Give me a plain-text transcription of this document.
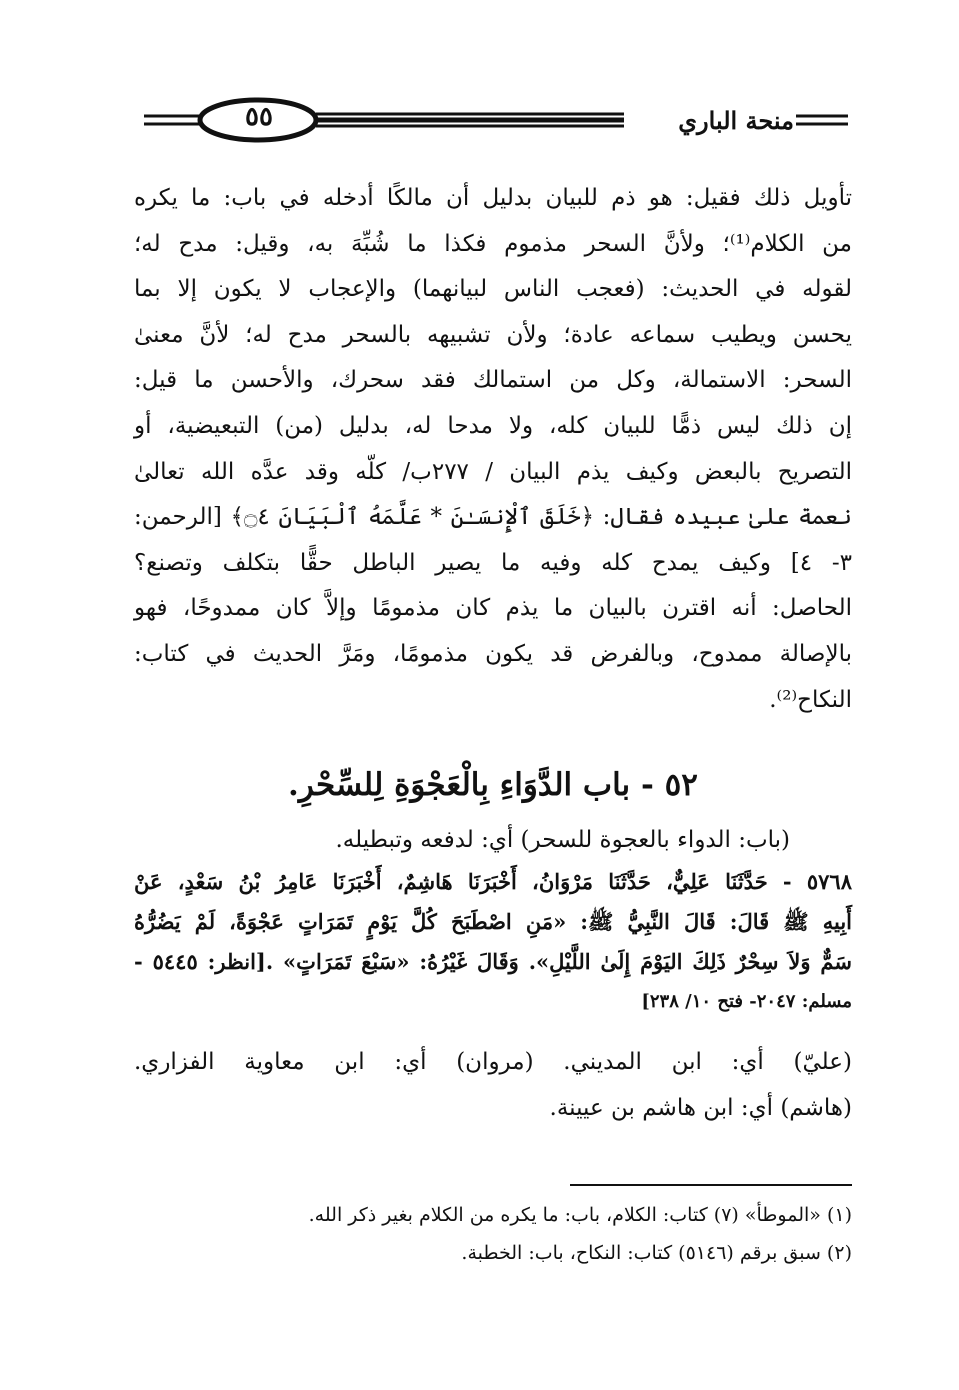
٥٥	منحة الباري
تأويل ذلك فقيل: هو ذم للبيان بدليل أن مالكًا أدخله في باب: ما يكره
من الكلام⁽¹⁾؛ ولأنَّ السحر مذموم فكذا ما شُبِّهَ به، وقيل: مدح له؛
لقوله في الحديث: (فعجب الناس لبيانهما) والإعجاب لا يكون إلا بما
يحسن ويطيب سماعه عادة؛ ولأن تشبيهه بالسحر مدح له؛ لأنَّ معنىٰ
السحر: الاستمالة، وكل من استمالك فقد سحرك، والأحسن ما قيل:
إن ذلك ليس ذمًّا للبيان كله، ولا مدحا له، بدليل (من) التبعيضية، أو
التصريح بالبعض وكيف يذم البيان / ٢٧٧ب/ كلّه وقد عدَّه الله تعالىٰ
نعمة علىٰ عبيده فقال: ﴿خَلَقَ ٱلْإِنسَـٰنَ * عَلَّمَهُ ٱلْبَيَانَ ۝٤﴾ [الرحمن:
٣- ٤] وكيف يمدح كله وفيه ما يصير الباطل حقًّا بتكلف وتصنع؟
الحاصل: أنه اقترن بالبيان ما يذم كان مذمومًا وإلاَّ كان ممدوحًا، فهو
بالإصالة ممدوح، وبالفرض قد يكون مذمومًا، ومَرَّ الحديث في كتاب:
النكاح⁽²⁾.
٥٢ - باب الدَّوَاءِ بِالْعَجْوَةِ لِلسِّحْرِ.
(باب: الدواء بالعجوة للسحر) أي: لدفعه وتبطيله.
٥٧٦٨ - حَدَّثَنَا عَلِيٌّ، حَدَّثَنَا مَرْوَانُ، أَخْبَرَنَا هَاشِمٌ، أَخْبَرَنَا عَامِرُ بْنُ سَعْدٍ، عَنْ
أَبِيهِ ﷺ قَالَ: قَالَ النَّبِيُّ ﷺ: «مَنِ اصْطَبَحَ كُلَّ يَوْمٍ تَمَرَاتٍ عَجْوَةً، لَمْ يَضُرُّهُ
سَمٌّ وَلاَ سِحْرٌ ذَلِكَ اليَوْمَ إِلَىٰ اللَّيْلِ». وَقَالَ غَيْرُهُ: «سَبْعَ تَمَرَاتٍ» .[انظر: ٥٤٤٥ -
مسلم: ٢٠٤٧- فتح ١٠/ ٢٣٨]
(عليّ) أي: ابن المديني. (مروان) أي: ابن معاوية الفزاري.
(هاشم) أي: ابن هاشم بن عيينة.
(١) «الموطأ» (٧) كتاب: الكلام، باب: ما يكره من الكلام بغير ذكر الله.
(٢) سبق برقم (٥١٤٦) كتاب: النكاح، باب: الخطبة.
